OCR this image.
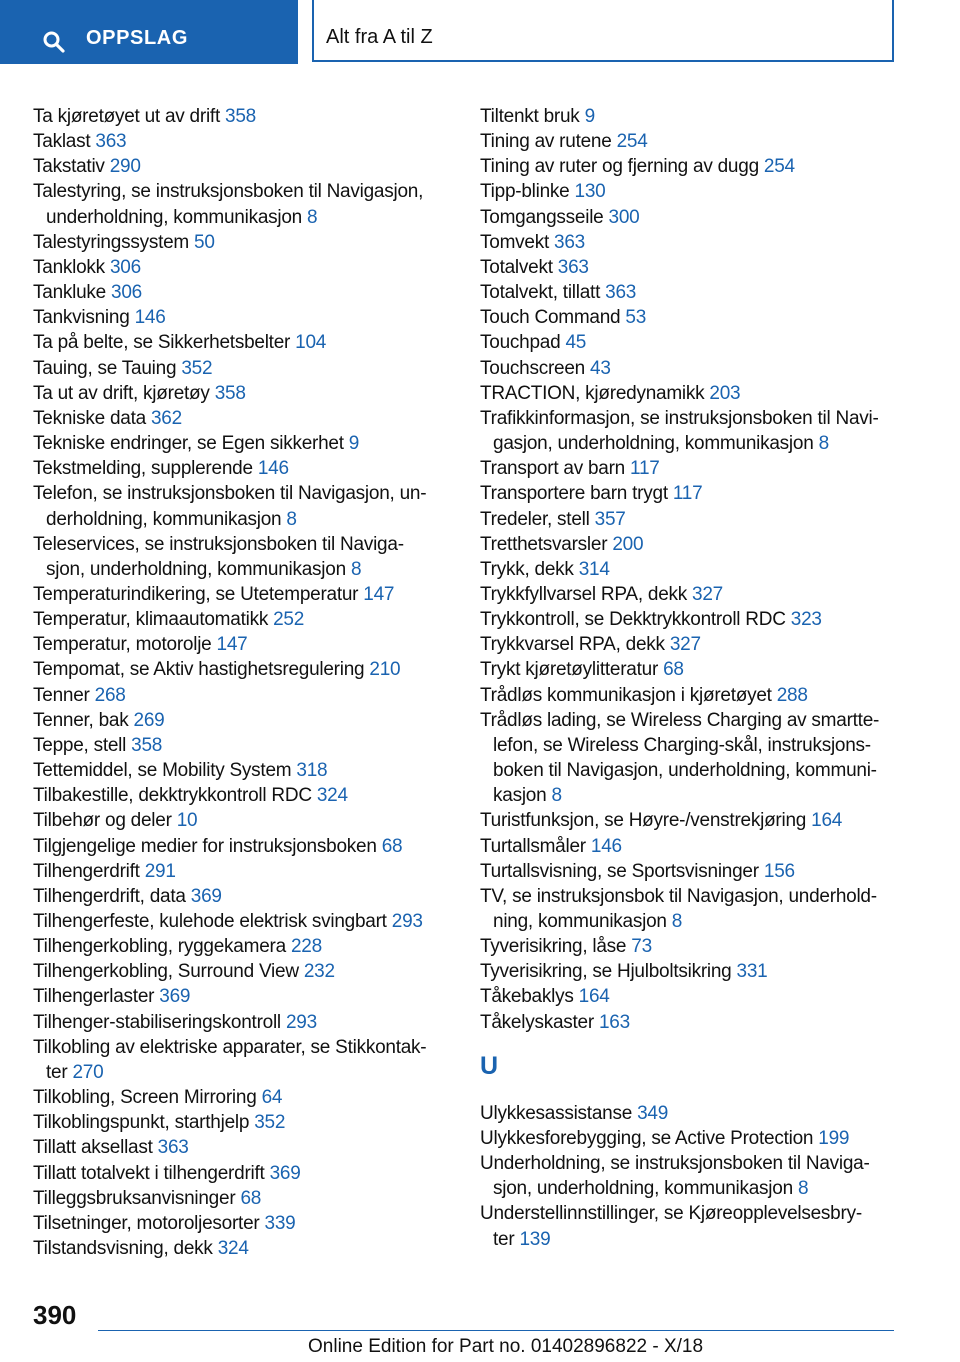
OPPSLAG	Alt fra A til Z
Ta kjøretøyet ut av drift 358
Taklast 363
Takstativ 290
Talestyring, se instruksjonsboken til Navigasjon,
underholdning, kommunikasjon 8
Talestyringssystem 50
Tanklokk 306
Tankluke 306
Tankvisning 146
Ta på belte, se Sikkerhetsbelter 104
Tauing, se Tauing 352
Ta ut av drift, kjøretøy 358
Tekniske data 362
Tekniske endringer, se Egen sikkerhet 9
Tekstmelding, supplerende 146
Telefon, se instruksjonsboken til Navigasjon, un-
derholdning, kommunikasjon 8
Teleservices, se instruksjonsboken til Naviga-
sjon, underholdning, kommunikasjon 8
Temperaturindikering, se Utetemperatur 147
Temperatur, klimaautomatikk 252
Temperatur, motorolje 147
Tempomat, se Aktiv hastighetsregulering 210
Tenner 268
Tenner, bak 269
Teppe, stell 358
Tettemiddel, se Mobility System 318
Tilbakestille, dekktrykkontroll RDC 324
Tilbehør og deler 10
Tilgjengelige medier for instruksjonsboken 68
Tilhengerdrift 291
Tilhengerdrift, data 369
Tilhengerfeste, kulehode elektrisk svingbart 293
Tilhengerkobling, ryggekamera 228
Tilhengerkobling, Surround View 232
Tilhengerlaster 369
Tilhenger-stabiliseringskontroll 293
Tilkobling av elektriske apparater, se Stikkontak-
ter 270
Tilkobling, Screen Mirroring 64
Tilkoblingspunkt, starthjelp 352
Tillatt aksellast 363
Tillatt totalvekt i tilhengerdrift 369
Tilleggsbruksanvisninger 68
Tilsetninger, motoroljesorter 339
Tilstandsvisning, dekk 324
Tiltenkt bruk 9
Tining av rutene 254
Tining av ruter og fjerning av dugg 254
Tipp-blinke 130
Tomgangsseile 300
Tomvekt 363
Totalvekt 363
Totalvekt, tillatt 363
Touch Command 53
Touchpad 45
Touchscreen 43
TRACTION, kjøredynamikk 203
Trafikkinformasjon, se instruksjonsboken til Navi-
gasjon, underholdning, kommunikasjon 8
Transport av barn 117
Transportere barn trygt 117
Tredeler, stell 357
Tretthetsvarsler 200
Trykk, dekk 314
Trykkfyllvarsel RPA, dekk 327
Trykkontroll, se Dekktrykkontroll RDC 323
Trykkvarsel RPA, dekk 327
Trykt kjøretøylitteratur 68
Trådløs kommunikasjon i kjøretøyet 288
Trådløs lading, se Wireless Charging av smartte-
lefon, se Wireless Charging-skål, instruksjons-
boken til Navigasjon, underholdning, kommuni-
kasjon 8
Turistfunksjon, se Høyre-/venstrekjøring 164
Turtallsmåler 146
Turtallsvisning, se Sportsvisninger 156
TV, se instruksjonsbok til Navigasjon, underhold-
ning, kommunikasjon 8
Tyverisikring, låse 73
Tyverisikring, se Hjulboltsikring 331
Tåkebaklys 164
Tåkelyskaster 163
U
Ulykkesassistanse 349
Ulykkesforebygging, se Active Protection 199
Underholdning, se instruksjonsboken til Naviga-
sjon, underholdning, kommunikasjon 8
Understellinnstillinger, se Kjøreopplevelsesbry-
ter 139
390
Online Edition for Part no. 01402896822 - X/18
